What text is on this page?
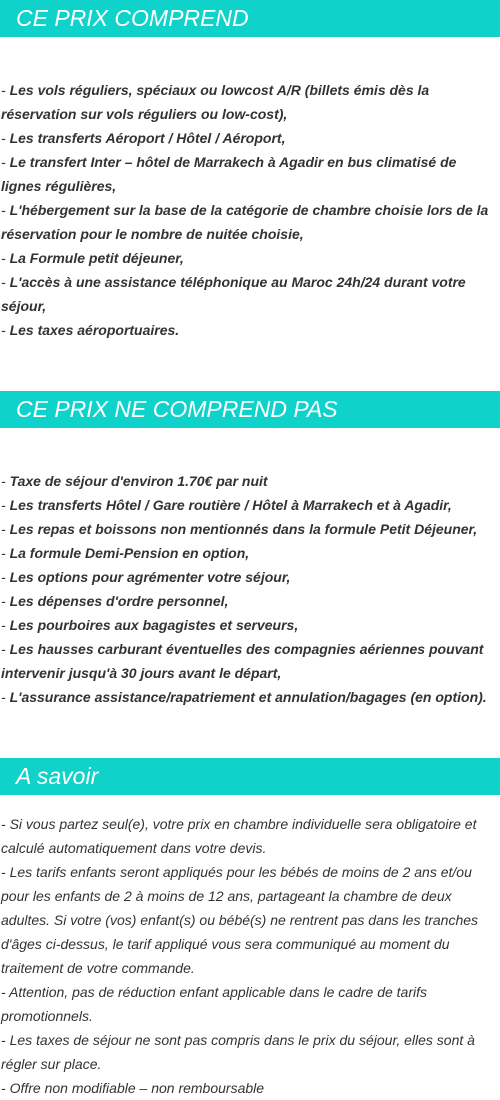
CE PRIX COMPREND

- Les vols réguliers, spéciaux ou lowcost A/R (billets émis dès la réservation sur vols réguliers ou low-cost),

- Les transferts Aéroport / Hôtel / Aéroport,

- Le transfert Inter – hôtel de Marrakech à Agadir en bus climatisé de lignes régulières,

- L'hébergement sur la base de la catégorie de chambre choisie lors de la réservation pour le nombre de nuitée choisie,

- La Formule petit déjeuner,

- L'accès à une assistance téléphonique au Maroc 24h/24 durant votre séjour,

- Les taxes aéroportuaires.

CE PRIX NE COMPREND PAS

- Taxe de séjour d'environ 1.70€ par nuit

- Les transferts Hôtel / Gare routière / Hôtel à Marrakech et à Agadir,

- Les repas et boissons non mentionnés dans la formule Petit Déjeuner,

- La formule Demi-Pension en option,

- Les options pour agrémenter votre séjour,

- Les dépenses d'ordre personnel,

- Les pourboires aux bagagistes et serveurs,

- Les hausses carburant éventuelles des compagnies aériennes pouvant intervenir jusqu'à 30 jours avant le départ,

- L'assurance assistance/rapatriement et annulation/bagages (en option).

A savoir

- Si vous partez seul(e), votre prix en chambre individuelle sera obligatoire et calculé automatiquement dans votre devis.

- Les tarifs enfants seront appliqués pour les bébés de moins de 2 ans et/ou pour les enfants de 2 à moins de 12 ans, partageant la chambre de deux adultes. Si votre (vos) enfant(s) ou bébé(s) ne rentrent pas dans les tranches d'âges ci-dessus, le tarif appliqué vous sera communiqué au moment du traitement de votre commande.

- Attention, pas de réduction enfant applicable dans le cadre de tarifs promotionnels.

- Les taxes de séjour ne sont pas compris dans le prix du séjour, elles sont à régler sur place.

- Offre non modifiable – non remboursable
